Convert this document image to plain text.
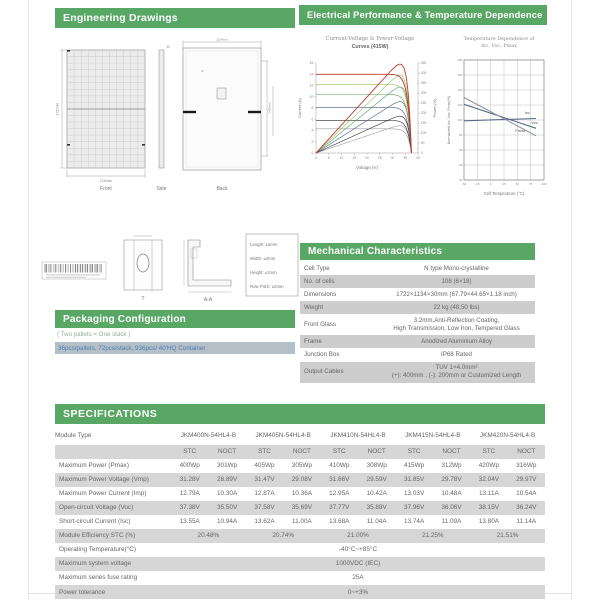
Engineering Drawings	Electrical Performance & Temperature Dependence
1722mm
1134mm
Front
30
Side
Φ
1134mm
1400mm
Back
Current-Voltage & Power-Voltage
Curves (415W)
0	5	10	15	20	25	30	35	40
0
2
4
6
8
10
12
14
16
0
50
100
150
200
250
300
350
400
450
Current (A)	Power (W)
Voltage (V)
Temperature Dependence of
Isc, Voc, Pmax
-50	-25	0	25	50	75	100
20
40
60
80
100
120
140
160
180
Normalized Isc, Voc, Pmax(%)
Cell Temperature (°C)
Isc
Voc
Pmax
Mechanical Characteristics
Cell Type	N type Mono-crystalline
No. of cells	108 (6×18)
Dimensions	1722×1134×30mm (67.79×44.65×1.18 inch)
Weight	22 kg (48.50 lbs)
Front Glass	3.2mm,Anti-Reflection Coating,
High Transmission, Low Iron, Tempered Glass
Frame	Anodized Aluminium Alloy
Junction Box	IP68 Rated
Output Cables	TUV 1×4.0mm²
(+): 400mm , (-): 200mm or Customized Length
T	A-A
Length: ±2mm
Width: ±2mm
Height: ±1mm
Row Pitch: ±2mm
Packaging Configuration
( Two pallets = One stack )
36pcs/pallets, 72pcs/stack, 936pcs/ 40'HQ Container
SPECIFICATIONS
Module Type	JKM400N-54HL4-B		JKM405N-54HL4-B		JKM410N-54HL4-B		JKM415N-54HL4-B		JKM420N-54HL4-B	
	STC	NOCT	STC	NOCT	STC	NOCT	STC	NOCT	STC	NOCT
Maximum Power (Pmax)	400Wp	301Wp	405Wp	305Wp	410Wp	308Wp	415Wp	312Wp	420Wp	316Wp
Maximum Power Voltage (Vmp)	31.28V	28.89V	31.47V	29.08V	31.66V	29.59V	31.85V	29.78V	32.04V	29.97V
Maximum Power Current (Imp)	12.79A	10.30A	12.87A	10.36A	12.95A	10.42A	13.03V	10.48A	13.11A	10.54A
Open-circuit Voltage (Voc)	37.38V	35.50V	37.58V	35.69V	37.77V	35.88V	37.96V	36.06V	38.15V	36.24V
Short-circuit Current (Isc)	13.55A	10.94A	13.62A	11.00A	13.68A	11.04A	13.74A	11.09A	13.80A	11.14A
Module Efficiency STC (%)	20.48%		20.74%		21.00%		21.25%		21.51%	
Operating Temperature(°C)	-40°C~+85°C									
Maximum system voltage	1000VDC (IEC)									
Maximum series fuse rating	25A									
Power tolerance	0~+3%									
